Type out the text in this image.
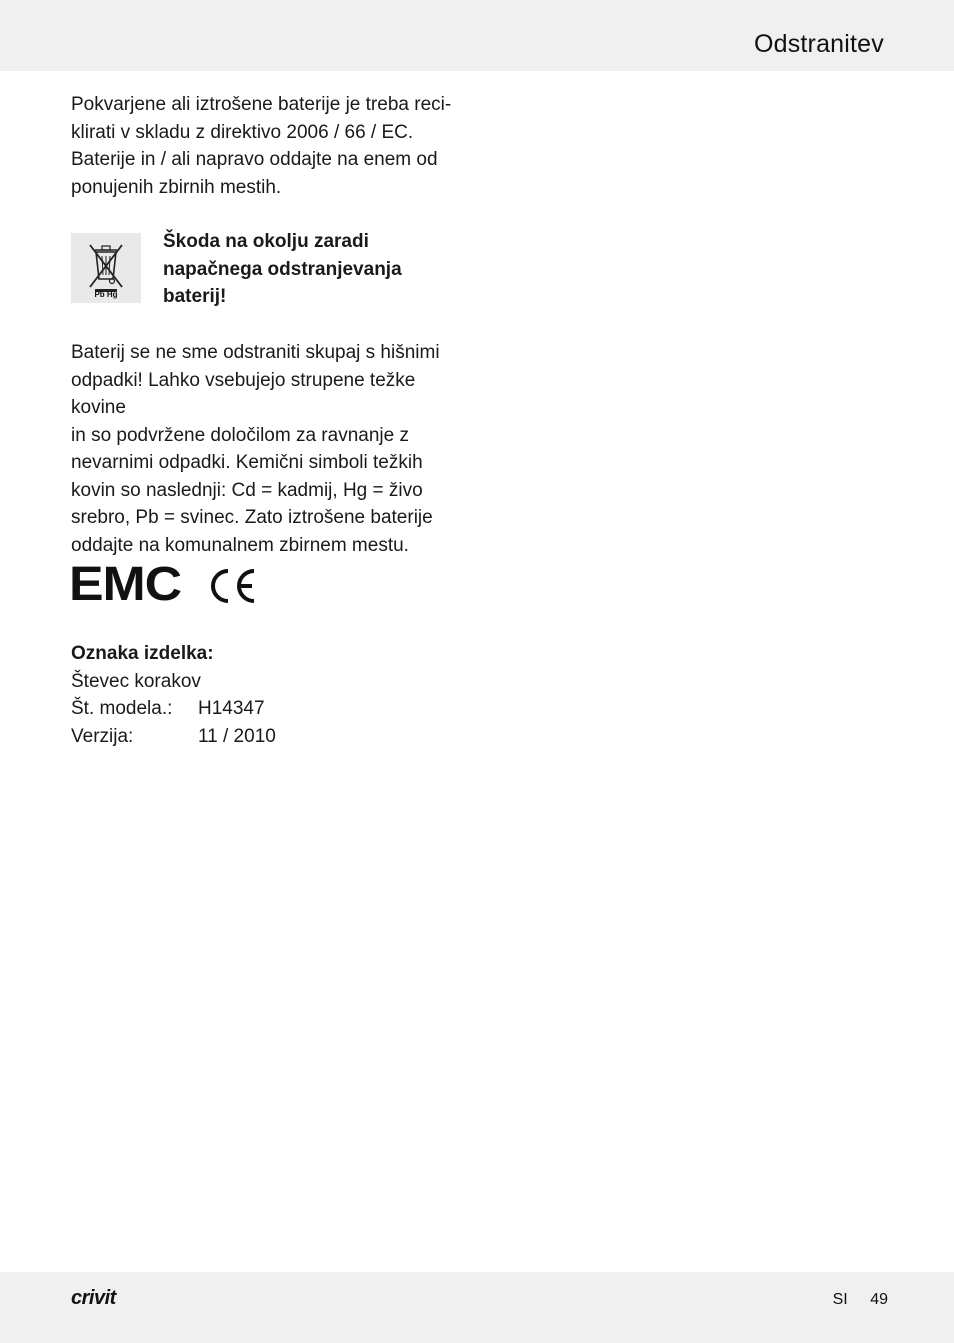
Odstranitev
Pokvarjene ali iztrošene baterije je treba reci-
klirati v skladu z direktivo 2006 / 66 / EC.
Baterije in / ali napravo oddajte na enem od
ponujenih zbirnih mestih.
Pb Hg
Škoda na okolju zaradi
napačnega odstranjevanja
baterij!
Baterij se ne sme odstraniti skupaj s hišnimi
odpadki! Lahko vsebujejo strupene težke kovine
in so podvržene določilom za ravnanje z
nevarnimi odpadki. Kemični simboli težkih
kovin so naslednji: Cd = kadmij, Hg = živo
srebro, Pb = svinec. Zato iztrošene baterije
oddajte na komunalnem zbirnem mestu.
EMC
Oznaka izdelka:
Števec korakov
Št. modela.:	H14347
Verzija:	11 / 2010
crivit	SI 49
